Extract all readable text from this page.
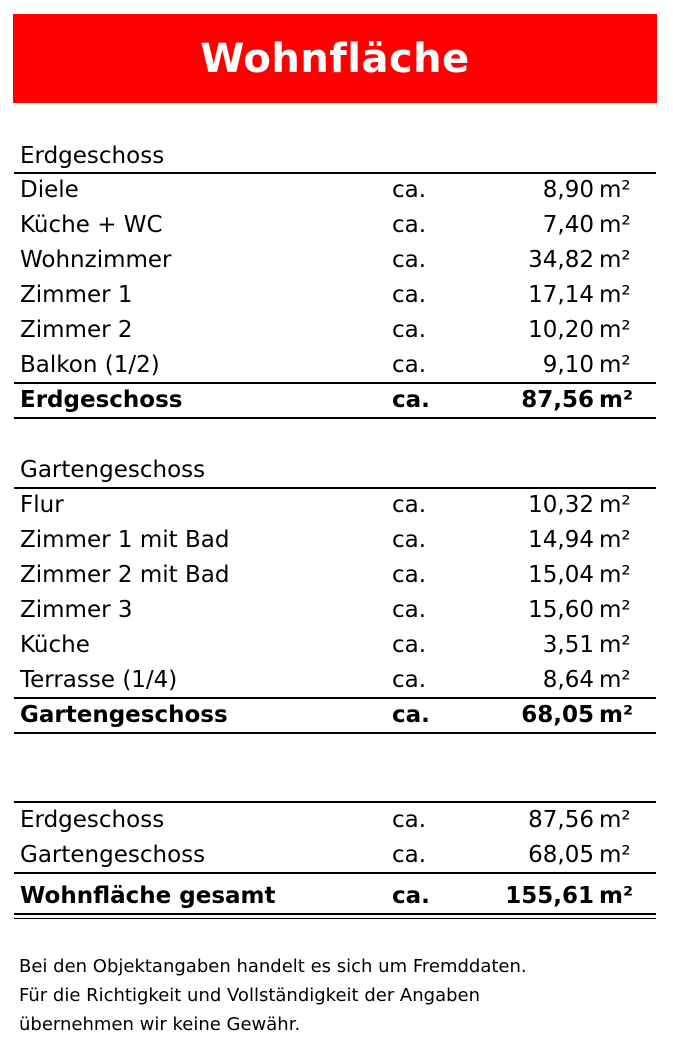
Wohnfläche
Erdgeschoss
Diele	ca.	8,90 m²
Küche + WC	ca.	7,40 m²
Wohnzimmer	ca.	34,82 m²
Zimmer 1	ca.	17,14 m²
Zimmer 2	ca.	10,20 m²
Balkon (1/2)	ca.	9,10 m²
Erdgeschoss	ca.	87,56 m²
Gartengeschoss
Flur	ca.	10,32 m²
Zimmer 1 mit Bad	ca.	14,94 m²
Zimmer 2 mit Bad	ca.	15,04 m²
Zimmer 3	ca.	15,60 m²
Küche	ca.	3,51 m²
Terrasse (1/4)	ca.	8,64 m²
Gartengeschoss	ca.	68,05 m²
Erdgeschoss	ca.	87,56 m²
Gartengeschoss	ca.	68,05 m²
Wohnfläche gesamt	ca.	155,61 m²

Bei den Objektangaben handelt es sich um Fremddaten.

Für die Richtigkeit und Vollständigkeit der Angaben

übernehmen wir keine Gewähr.
